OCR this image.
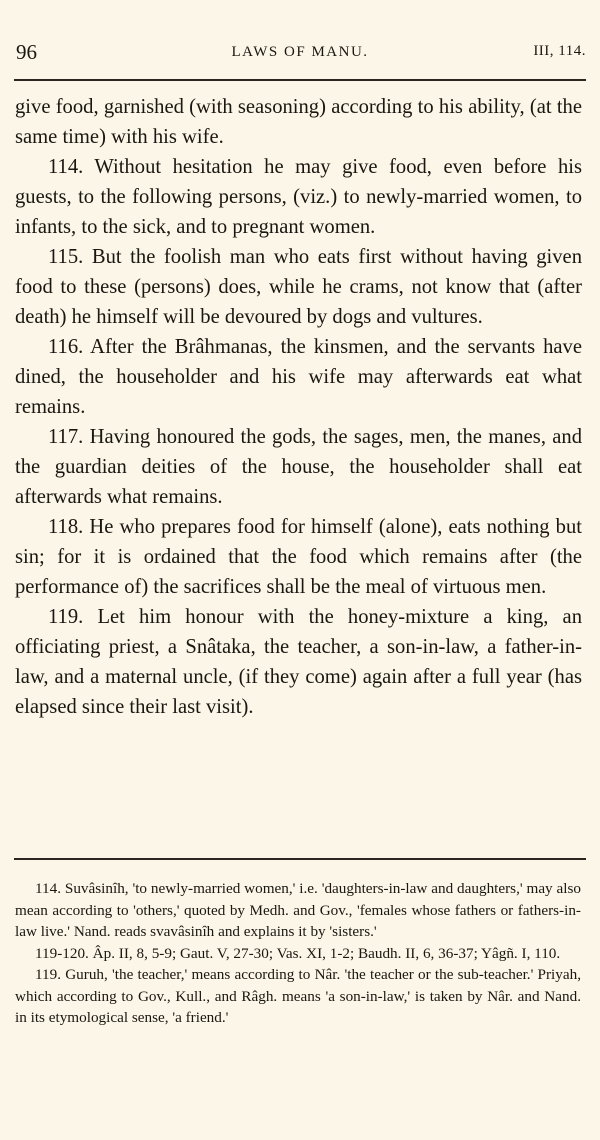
96	LAWS OF MANU.	III, 114.

give food, garnished (with seasoning) according to his ability, (at the same time) with his wife.

114. Without hesitation he may give food, even before his guests, to the following persons, (viz.) to newly-married women, to infants, to the sick, and to pregnant women.

115. But the foolish man who eats first without having given food to these (persons) does, while he crams, not know that (after death) he himself will be devoured by dogs and vultures.

116. After the Brâhmanas, the kinsmen, and the servants have dined, the householder and his wife may afterwards eat what remains.

117. Having honoured the gods, the sages, men, the manes, and the guardian deities of the house, the householder shall eat afterwards what remains.

118. He who prepares food for himself (alone), eats nothing but sin; for it is ordained that the food which remains after (the performance of) the sacrifices shall be the meal of virtuous men.

119. Let him honour with the honey-mixture a king, an officiating priest, a Snâtaka, the teacher, a son-in-law, a father-in-law, and a maternal uncle, (if they come) again after a full year (has elapsed since their last visit).

114. Suvâsinîh, 'to newly-married women,' i.e. 'daughters-in-law and daughters,' may also mean according to 'others,' quoted by Medh. and Gov., 'females whose fathers or fathers-in-law live.' Nand. reads svavâsinîh and explains it by 'sisters.'

119-120. Âp. II, 8, 5-9; Gaut. V, 27-30; Vas. XI, 1-2; Baudh. II, 6, 36-37; Yâgñ. I, 110.

119. Guruh, 'the teacher,' means according to Nâr. 'the teacher or the sub-teacher.' Priyah, which according to Gov., Kull., and Râgh. means 'a son-in-law,' is taken by Nâr. and Nand. in its etymological sense, 'a friend.'
